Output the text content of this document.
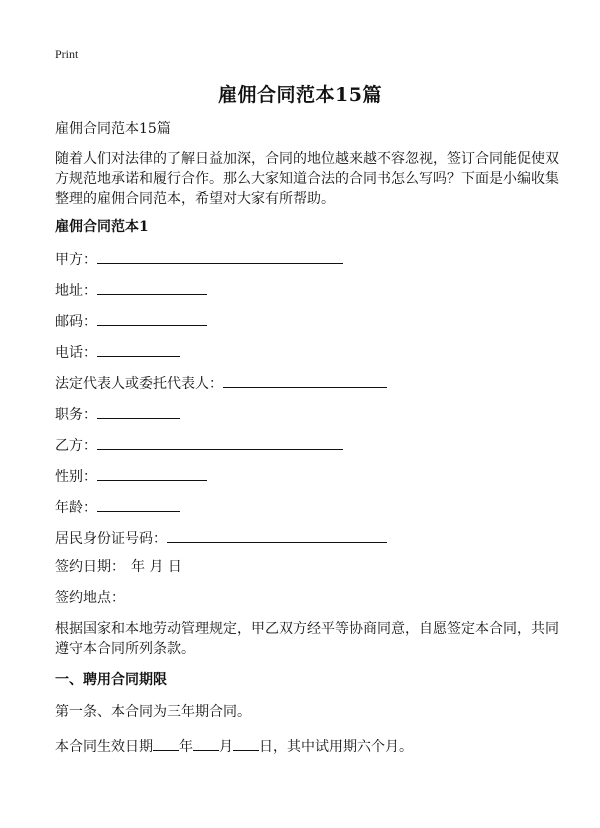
Print
雇佣合同范本15篇
雇佣合同范本15篇
随着人们对法律的了解日益加深，合同的地位越来越不容忽视，签订合同能促使双
方规范地承诺和履行合作。那么大家知道合法的合同书怎么写吗？下面是小编收集
整理的雇佣合同范本，希望对大家有所帮助。
雇佣合同范本1
甲方：
地址：
邮码：
电话：
法定代表人或委托代表人：
职务：
乙方：
性别：
年龄：
居民身份证号码：
签约日期： 年 月 日
签约地点：
根据国家和本地劳动管理规定，甲乙双方经平等协商同意，自愿签定本合同，共同
遵守本合同所列条款。
一、聘用合同期限
第一条、本合同为三年期合同。
本合同生效日期 年 月 日，其中试用期六个月。
